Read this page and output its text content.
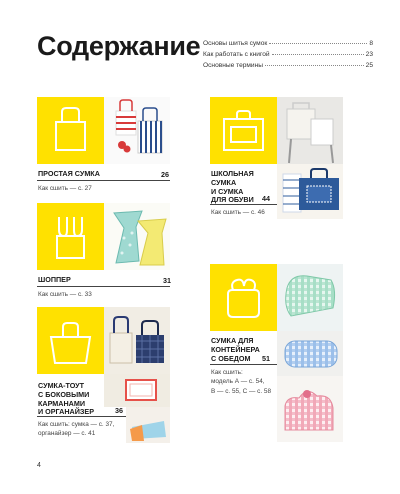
Содержание Основы шитья сумок	8
Как работать с книгой	23
Основные термины	25
ПРОСТАЯ СУМКА	26
Как сшить — с. 27
ШОППЕР	31
Как сшить — с. 33
СУМКА-ТОУТ
С БОКОВЫМИ
КАРМАНАМИ
И ОРГАНАЙЗЕР	36
Как сшить: сумка — с. 37,
органайзер — с. 41
ШКОЛЬНАЯ
СУМКА
И СУМКА
ДЛЯ ОБУВИ 44
Как сшить — с. 46
СУМКА ДЛЯ
КОНТЕЙНЕРА
С ОБЕДОМ	51
Как сшить:
модель А — с. 54,
В — с. 55, С — с. 58
4
